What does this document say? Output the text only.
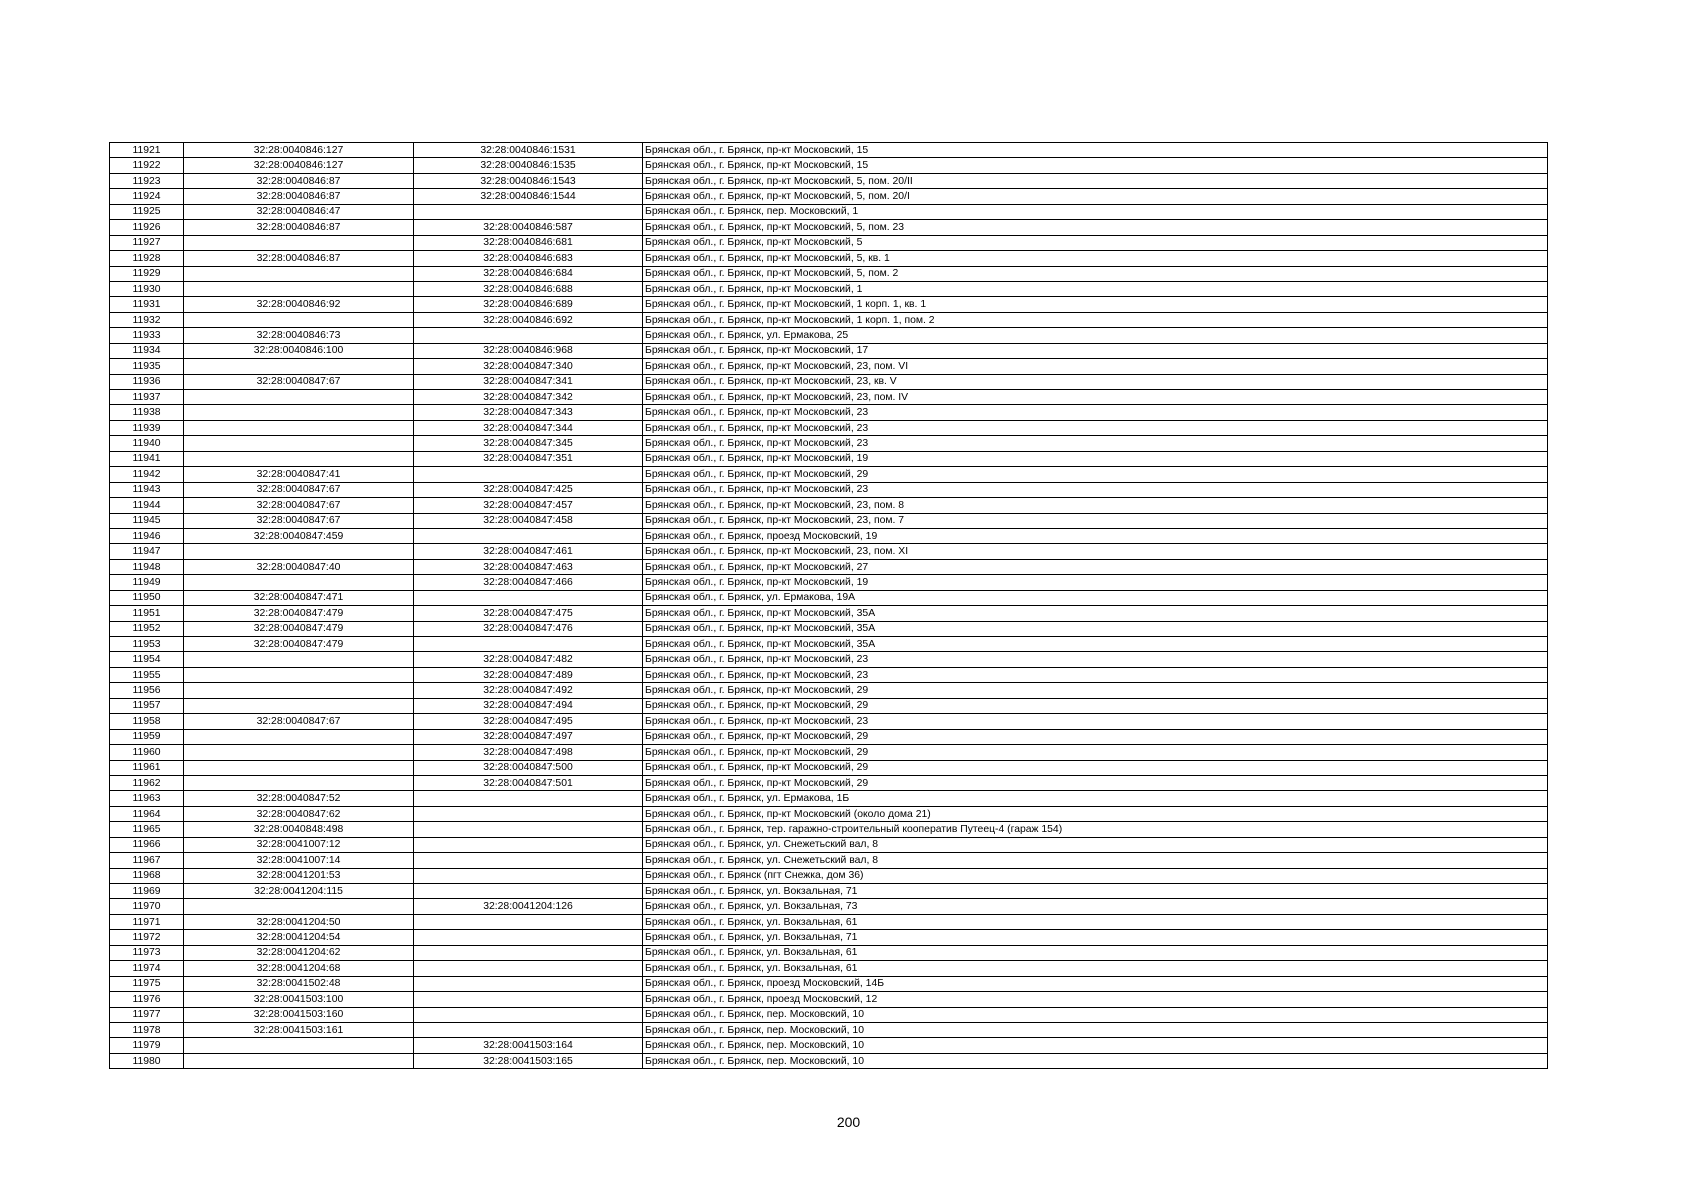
11921	32:28:0040846:127	32:28:0040846:1531	Брянская обл., г. Брянск, пр-кт Московский, 15
11922	32:28:0040846:127	32:28:0040846:1535	Брянская обл., г. Брянск, пр-кт Московский, 15
11923	32:28:0040846:87	32:28:0040846:1543	Брянская обл., г. Брянск, пр-кт Московский, 5, пом. 20/II
11924	32:28:0040846:87	32:28:0040846:1544	Брянская обл., г. Брянск, пр-кт Московский, 5, пом. 20/I
11925	32:28:0040846:47		Брянская обл., г. Брянск, пер. Московский, 1
11926	32:28:0040846:87	32:28:0040846:587	Брянская обл., г. Брянск, пр-кт Московский, 5, пом. 23
11927		32:28:0040846:681	Брянская обл., г. Брянск, пр-кт Московский, 5
11928	32:28:0040846:87	32:28:0040846:683	Брянская обл., г. Брянск, пр-кт Московский, 5, кв. 1
11929		32:28:0040846:684	Брянская обл., г. Брянск, пр-кт Московский, 5, пом. 2
11930		32:28:0040846:688	Брянская обл., г. Брянск, пр-кт Московский, 1
11931	32:28:0040846:92	32:28:0040846:689	Брянская обл., г. Брянск, пр-кт Московский, 1 корп. 1, кв. 1
11932		32:28:0040846:692	Брянская обл., г. Брянск, пр-кт Московский, 1 корп. 1, пом. 2
11933	32:28:0040846:73		Брянская обл., г. Брянск, ул. Ермакова, 25
11934	32:28:0040846:100	32:28:0040846:968	Брянская обл., г. Брянск, пр-кт Московский, 17
11935		32:28:0040847:340	Брянская обл., г. Брянск, пр-кт Московский, 23, пом. VI
11936	32:28:0040847:67	32:28:0040847:341	Брянская обл., г. Брянск, пр-кт Московский, 23, кв. V
11937		32:28:0040847:342	Брянская обл., г. Брянск, пр-кт Московский, 23, пом. IV
11938		32:28:0040847:343	Брянская обл., г. Брянск, пр-кт Московский, 23
11939		32:28:0040847:344	Брянская обл., г. Брянск, пр-кт Московский, 23
11940		32:28:0040847:345	Брянская обл., г. Брянск, пр-кт Московский, 23
11941		32:28:0040847:351	Брянская обл., г. Брянск, пр-кт Московский, 19
11942	32:28:0040847:41		Брянская обл., г. Брянск, пр-кт Московский, 29
11943	32:28:0040847:67	32:28:0040847:425	Брянская обл., г. Брянск, пр-кт Московский, 23
11944	32:28:0040847:67	32:28:0040847:457	Брянская обл., г. Брянск, пр-кт Московский, 23, пом. 8
11945	32:28:0040847:67	32:28:0040847:458	Брянская обл., г. Брянск, пр-кт Московский, 23, пом. 7
11946	32:28:0040847:459		Брянская обл., г. Брянск, проезд Московский, 19
11947		32:28:0040847:461	Брянская обл., г. Брянск, пр-кт Московский, 23, пом. XI
11948	32:28:0040847:40	32:28:0040847:463	Брянская обл., г. Брянск, пр-кт Московский, 27
11949		32:28:0040847:466	Брянская обл., г. Брянск, пр-кт Московский, 19
11950	32:28:0040847:471		Брянская обл., г. Брянск, ул. Ермакова, 19А
11951	32:28:0040847:479	32:28:0040847:475	Брянская обл., г. Брянск, пр-кт Московский, 35А
11952	32:28:0040847:479	32:28:0040847:476	Брянская обл., г. Брянск, пр-кт Московский, 35А
11953	32:28:0040847:479		Брянская обл., г. Брянск, пр-кт Московский, 35А
11954		32:28:0040847:482	Брянская обл., г. Брянск, пр-кт Московский, 23
11955		32:28:0040847:489	Брянская обл., г. Брянск, пр-кт Московский, 23
11956		32:28:0040847:492	Брянская обл., г. Брянск, пр-кт Московский, 29
11957		32:28:0040847:494	Брянская обл., г. Брянск, пр-кт Московский, 29
11958	32:28:0040847:67	32:28:0040847:495	Брянская обл., г. Брянск, пр-кт Московский, 23
11959		32:28:0040847:497	Брянская обл., г. Брянск, пр-кт Московский, 29
11960		32:28:0040847:498	Брянская обл., г. Брянск, пр-кт Московский, 29
11961		32:28:0040847:500	Брянская обл., г. Брянск, пр-кт Московский, 29
11962		32:28:0040847:501	Брянская обл., г. Брянск, пр-кт Московский, 29
11963	32:28:0040847:52		Брянская обл., г. Брянск, ул. Ермакова, 1Б
11964	32:28:0040847:62		Брянская обл., г. Брянск, пр-кт Московский (около дома 21)
11965	32:28:0040848:498		Брянская обл., г. Брянск, тер. гаражно-строительный кооператив Путеец-4 (гараж 154)
11966	32:28:0041007:12		Брянская обл., г. Брянск, ул. Снежетьский вал, 8
11967	32:28:0041007:14		Брянская обл., г. Брянск, ул. Снежетьский вал, 8
11968	32:28:0041201:53		Брянская обл., г. Брянск (пгт Снежка, дом 36)
11969	32:28:0041204:115		Брянская обл., г. Брянск, ул. Вокзальная, 71
11970		32:28:0041204:126	Брянская обл., г. Брянск, ул. Вокзальная, 73
11971	32:28:0041204:50		Брянская обл., г. Брянск, ул. Вокзальная, 61
11972	32:28:0041204:54		Брянская обл., г. Брянск, ул. Вокзальная, 71
11973	32:28:0041204:62		Брянская обл., г. Брянск, ул. Вокзальная, 61
11974	32:28:0041204:68		Брянская обл., г. Брянск, ул. Вокзальная, 61
11975	32:28:0041502:48		Брянская обл., г. Брянск, проезд Московский, 14Б
11976	32:28:0041503:100		Брянская обл., г. Брянск, проезд Московский, 12
11977	32:28:0041503:160		Брянская обл., г. Брянск, пер. Московский, 10
11978	32:28:0041503:161		Брянская обл., г. Брянск, пер. Московский, 10
11979		32:28:0041503:164	Брянская обл., г. Брянск, пер. Московский, 10
11980		32:28:0041503:165	Брянская обл., г. Брянск, пер. Московский, 10
200
